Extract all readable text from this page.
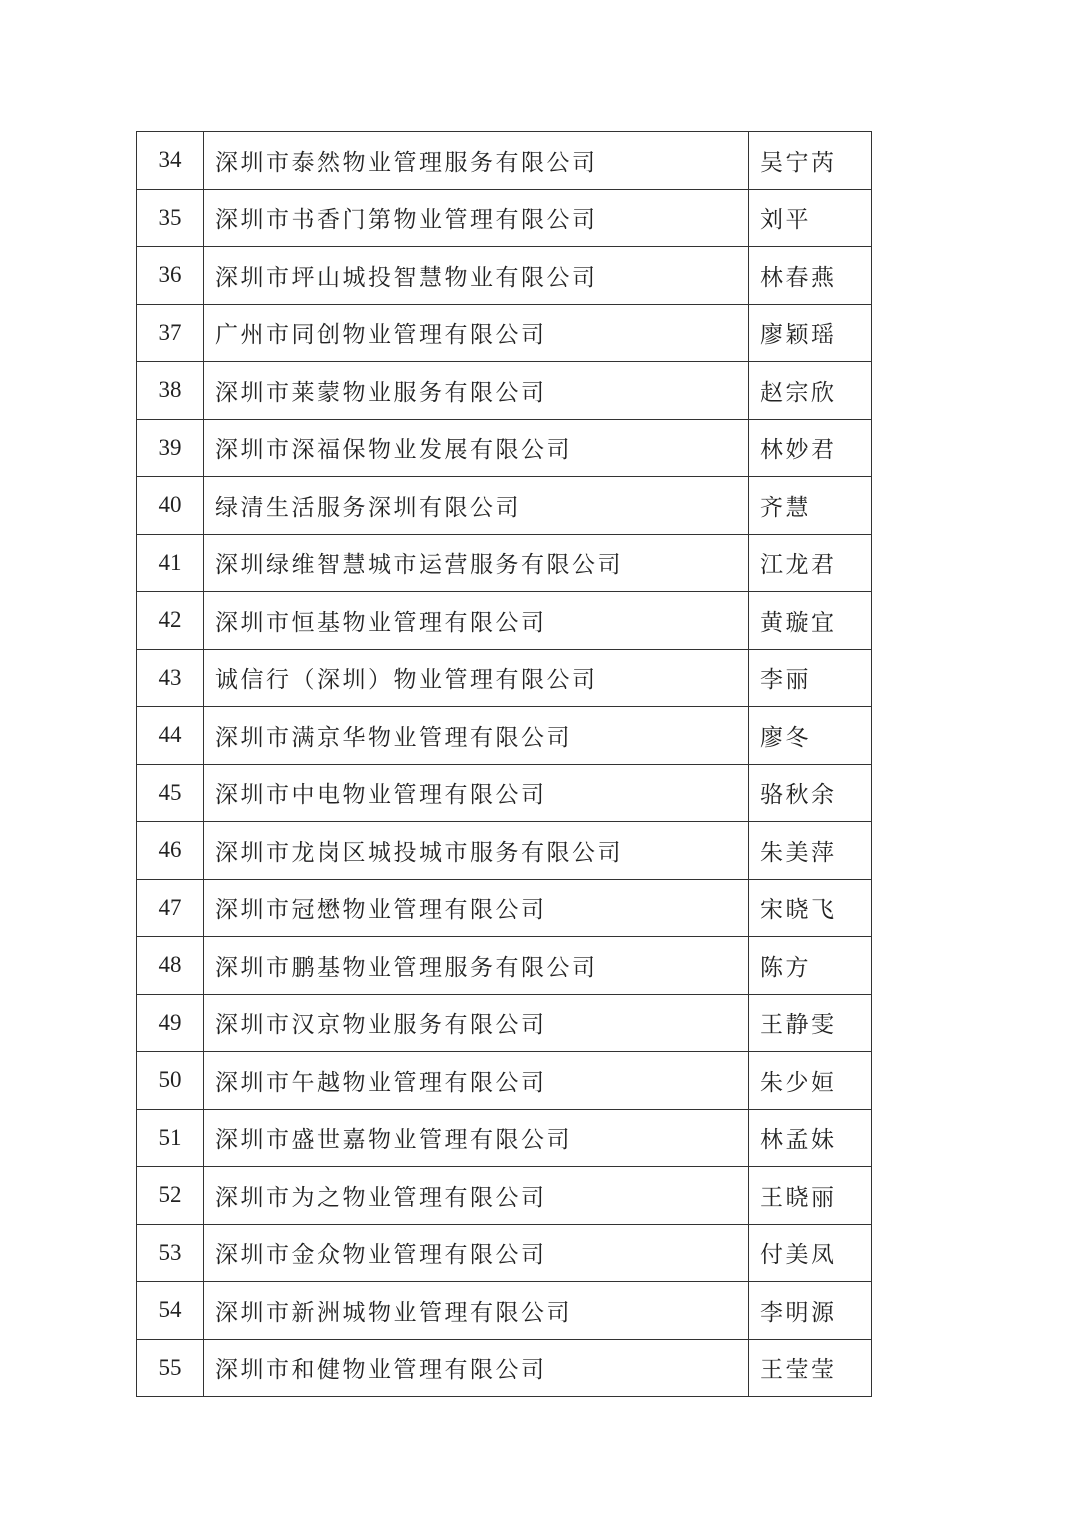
34	深圳市泰然物业管理服务有限公司	吴宁芮
35	深圳市书香门第物业管理有限公司	刘平
36	深圳市坪山城投智慧物业有限公司	林春燕
37	广州市同创物业管理有限公司	廖颖瑶
38	深圳市莱蒙物业服务有限公司	赵宗欣
39	深圳市深福保物业发展有限公司	林妙君
40	绿清生活服务深圳有限公司	齐慧
41	深圳绿维智慧城市运营服务有限公司	江龙君
42	深圳市恒基物业管理有限公司	黄璇宜
43	诚信行（深圳）物业管理有限公司	李丽
44	深圳市满京华物业管理有限公司	廖冬
45	深圳市中电物业管理有限公司	骆秋余
46	深圳市龙岗区城投城市服务有限公司	朱美萍
47	深圳市冠懋物业管理有限公司	宋晓飞
48	深圳市鹏基物业管理服务有限公司	陈方
49	深圳市汉京物业服务有限公司	王静雯
50	深圳市午越物业管理有限公司	朱少姮
51	深圳市盛世嘉物业管理有限公司	林孟妹
52	深圳市为之物业管理有限公司	王晓丽
53	深圳市金众物业管理有限公司	付美凤
54	深圳市新洲城物业管理有限公司	李明源
55	深圳市和健物业管理有限公司	王莹莹
